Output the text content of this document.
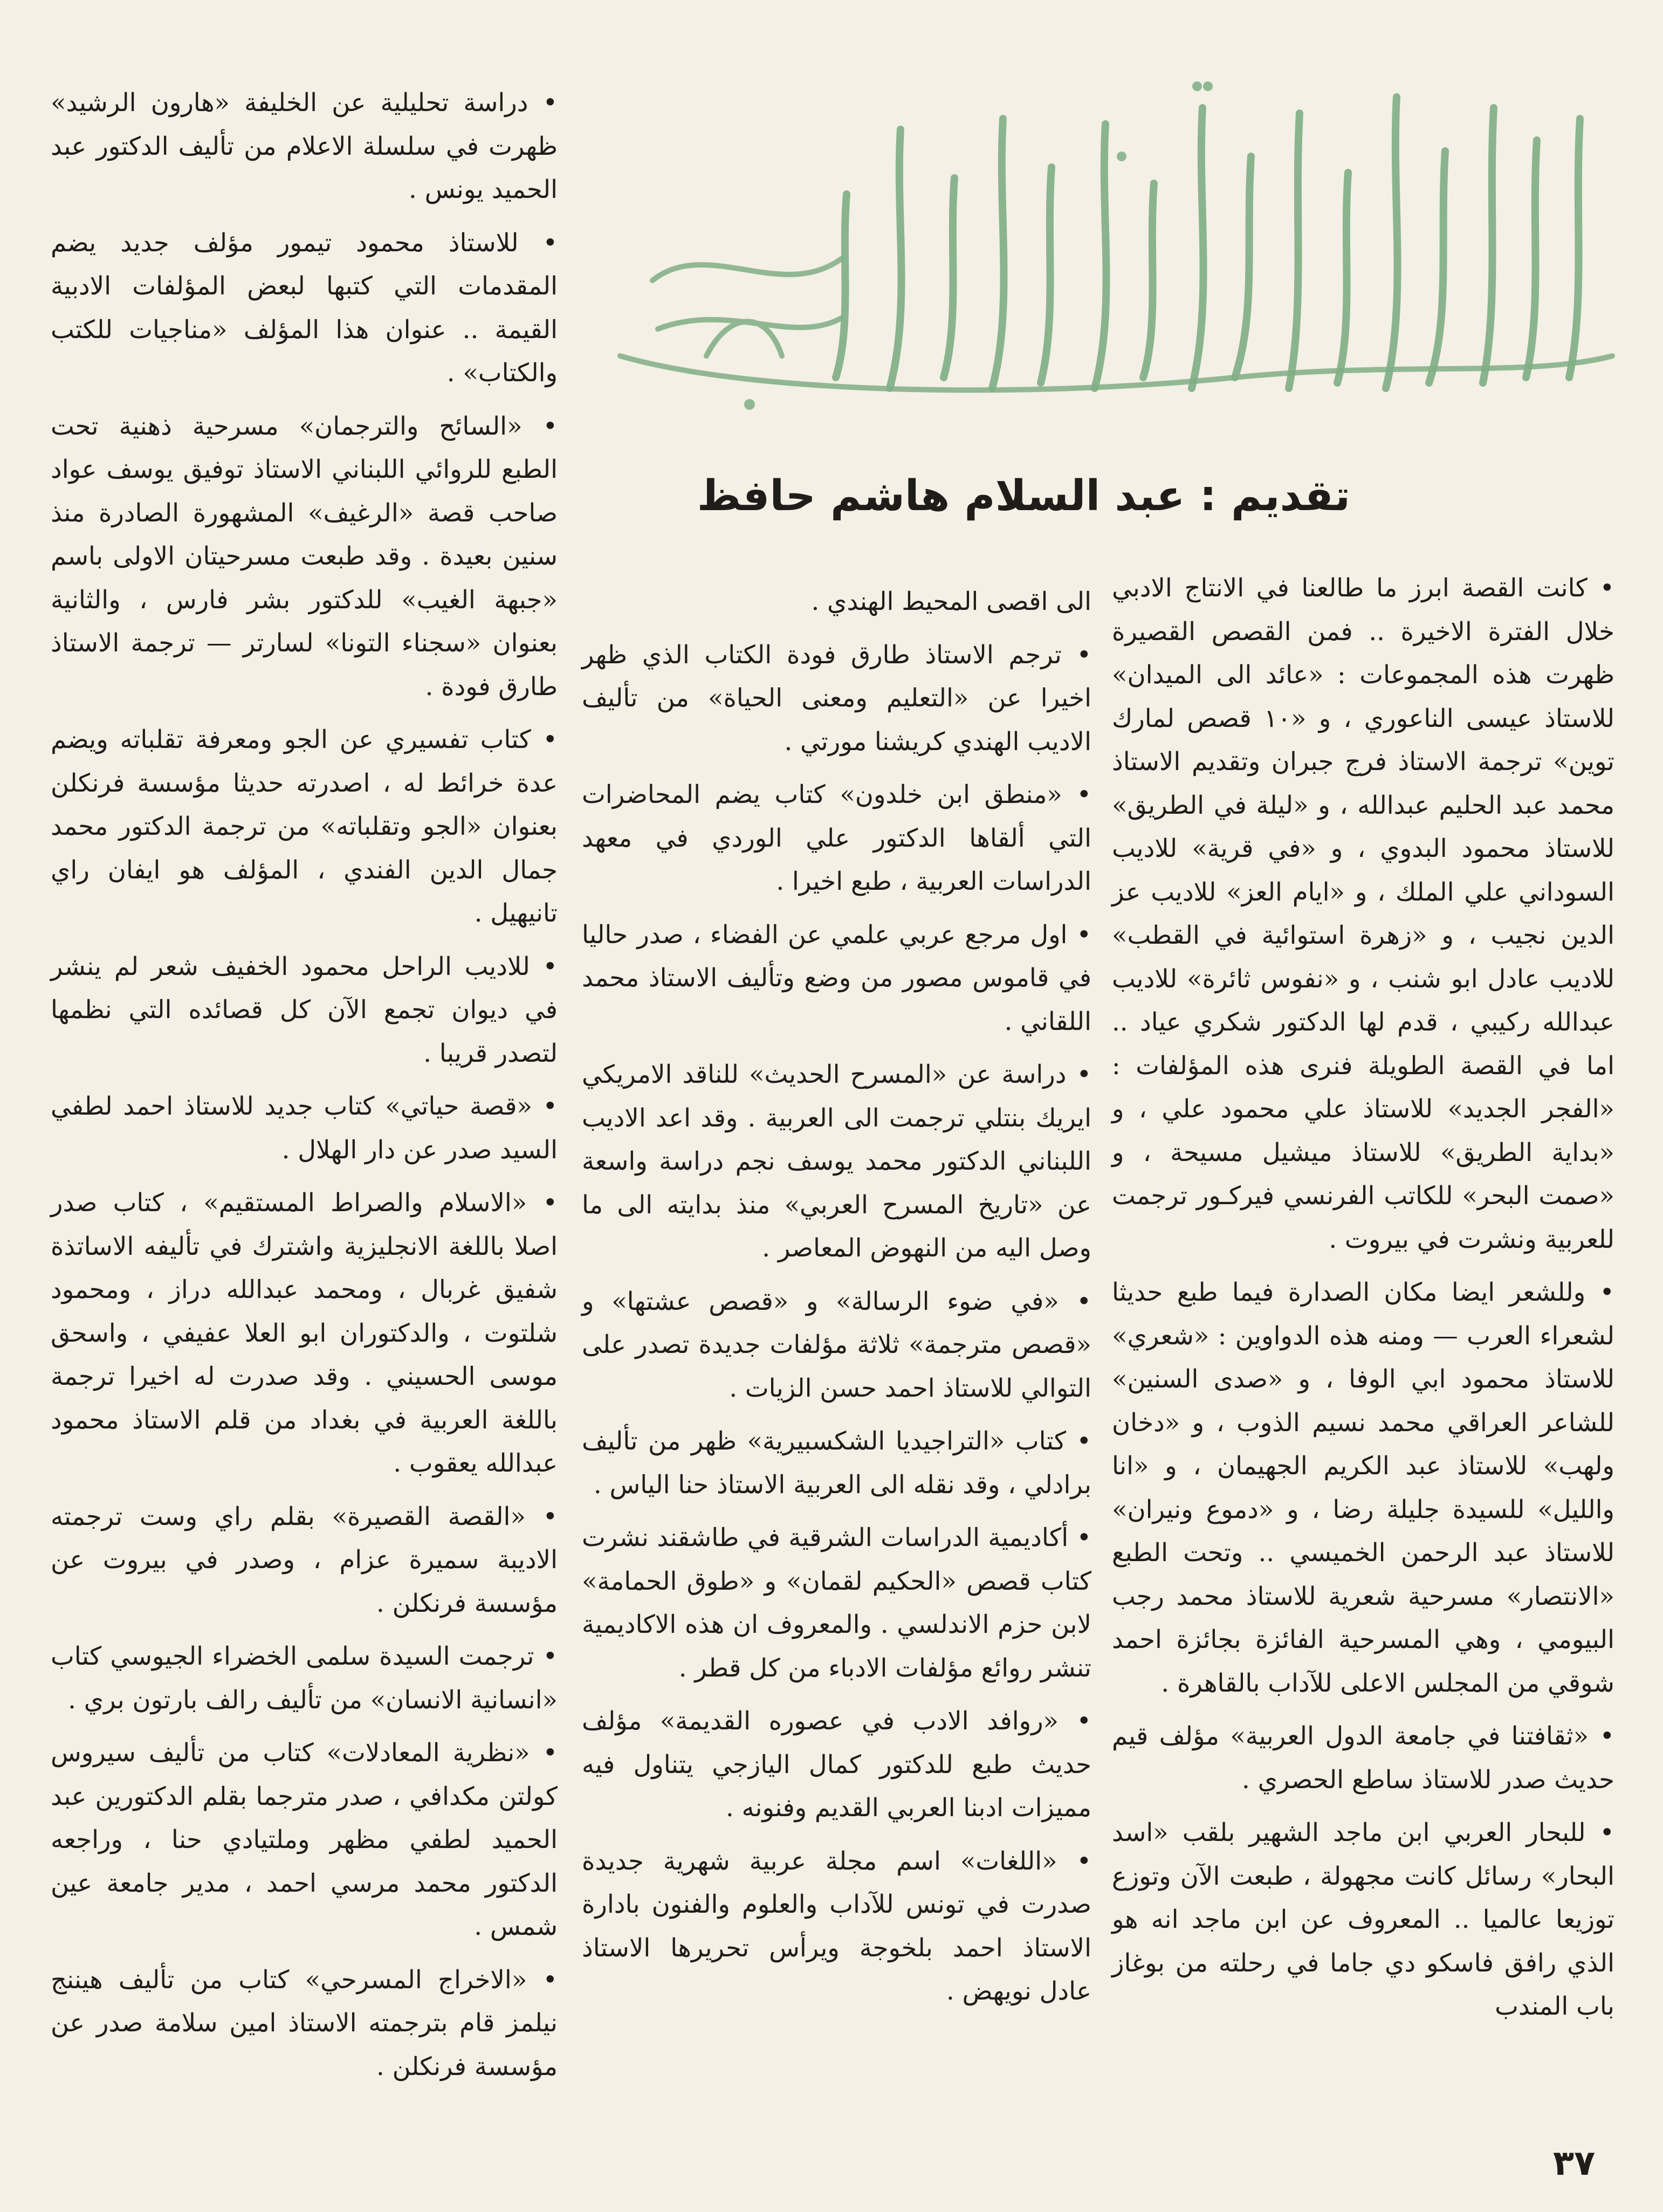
تقديم : عبد السلام هاشم حافظ

• كانت القصة ابرز ما طالعنا في الانتاج الادبي خلال الفترة الاخيرة .. فمن القصص القصيرة ظهرت هذه المجموعات : «عائد الى الميدان» للاستاذ عيسى الناعوري ، و «١٠ قصص لمارك توين» ترجمة الاستاذ فرج جبران وتقديم الاستاذ محمد عبد الحليم عبدالله ، و «ليلة في الطريق» للاستاذ محمود البدوي ، و «في قرية» للاديب السوداني علي الملك ، و «ايام العز» للاديب عز الدين نجيب ، و «زهرة استوائية في القطب» للاديب عادل ابو شنب ، و «نفوس ثائرة» للاديب عبدالله ركيبي ، قدم لها الدكتور شكري عياد .. اما في القصة الطويلة فنرى هذه المؤلفات : «الفجر الجديد» للاستاذ علي محمود علي ، و «بداية الطريق» للاستاذ ميشيل مسيحة ، و «صمت البحر» للكاتب الفرنسي فيركـور ترجمت للعربية ونشرت في بيروت .

• وللشعر ايضا مكان الصدارة فيما طبع حديثا لشعراء العرب — ومنه هذه الدواوين : «شعري» للاستاذ محمود ابي الوفا ، و «صدى السنين» للشاعر العراقي محمد نسيم الذوب ، و «دخان ولهب» للاستاذ عبد الكريم الجهيمان ، و «انا والليل» للسيدة جليلة رضا ، و «دموع ونيران» للاستاذ عبد الرحمن الخميسي .. وتحت الطبع «الانتصار» مسرحية شعرية للاستاذ محمد رجب البيومي ، وهي المسرحية الفائزة بجائزة احمد شوقي من المجلس الاعلى للآداب بالقاهرة .

• «ثقافتنا في جامعة الدول العربية» مؤلف قيم حديث صدر للاستاذ ساطع الحصري .

• للبحار العربي ابن ماجد الشهير بلقب «اسد البحار» رسائل كانت مجهولة ، طبعت الآن وتوزع توزيعا عالميا .. المعروف عن ابن ماجد انه هو الذي رافق فاسكو دي جاما في رحلته من بوغاز باب المندب

الى اقصى المحيط الهندي .

• ترجم الاستاذ طارق فودة الكتاب الذي ظهر اخيرا عن «التعليم ومعنى الحياة» من تأليف الاديب الهندي كريشنا مورتي .

• «منطق ابن خلدون» كتاب يضم المحاضرات التي ألقاها الدكتور علي الوردي في معهد الدراسات العربية ، طبع اخيرا .

• اول مرجع عربي علمي عن الفضاء ، صدر حاليا في قاموس مصور من وضع وتأليف الاستاذ محمد اللقاني .

• دراسة عن «المسرح الحديث» للناقد الامريكي ايريك بنتلي ترجمت الى العربية . وقد اعد الاديب اللبناني الدكتور محمد يوسف نجم دراسة واسعة عن «تاريخ المسرح العربي» منذ بدايته الى ما وصل اليه من النهوض المعاصر .

• «في ضوء الرسالة» و «قصص عشتها» و «قصص مترجمة» ثلاثة مؤلفات جديدة تصدر على التوالي للاستاذ احمد حسن الزيات .

• كتاب «التراجيديا الشكسبيرية» ظهر من تأليف برادلي ، وقد نقله الى العربية الاستاذ حنا الياس .

• أكاديمية الدراسات الشرقية في طاشقند نشرت كتاب قصص «الحكيم لقمان» و «طوق الحمامة» لابن حزم الاندلسي . والمعروف ان هذه الاكاديمية تنشر روائع مؤلفات الادباء من كل قطر .

• «روافد الادب في عصوره القديمة» مؤلف حديث طبع للدكتور كمال اليازجي يتناول فيه مميزات ادبنا العربي القديم وفنونه .

• «اللغات» اسم مجلة عربية شهرية جديدة صدرت في تونس للآداب والعلوم والفنون بادارة الاستاذ احمد بلخوجة ويرأس تحريرها الاستاذ عادل نويهض .

• دراسة تحليلية عن الخليفة «هارون الرشيد» ظهرت في سلسلة الاعلام من تأليف الدكتور عبد الحميد يونس .

• للاستاذ محمود تيمور مؤلف جديد يضم المقدمات التي كتبها لبعض المؤلفات الادبية القيمة .. عنوان هذا المؤلف «مناجيات للكتب والكتاب» .

• «السائح والترجمان» مسرحية ذهنية تحت الطبع للروائي اللبناني الاستاذ توفيق يوسف عواد صاحب قصة «الرغيف» المشهورة الصادرة منذ سنين بعيدة . وقد طبعت مسرحيتان الاولى باسم «جبهة الغيب» للدكتور بشر فارس ، والثانية بعنوان «سجناء التونا» لسارتر — ترجمة الاستاذ طارق فودة .

• كتاب تفسيري عن الجو ومعرفة تقلباته ويضم عدة خرائط له ، اصدرته حديثا مؤسسة فرنكلن بعنوان «الجو وتقلباته» من ترجمة الدكتور محمد جمال الدين الفندي ، المؤلف هو ايفان راي تانيهيل .

• للاديب الراحل محمود الخفيف شعر لم ينشر في ديوان تجمع الآن كل قصائده التي نظمها لتصدر قريبا .

• «قصة حياتي» كتاب جديد للاستاذ احمد لطفي السيد صدر عن دار الهلال .

• «الاسلام والصراط المستقيم» ، كتاب صدر اصلا باللغة الانجليزية واشترك في تأليفه الاساتذة شفيق غربال ، ومحمد عبدالله دراز ، ومحمود شلتوت ، والدكتوران ابو العلا عفيفي ، واسحق موسى الحسيني . وقد صدرت له اخيرا ترجمة باللغة العربية في بغداد من قلم الاستاذ محمود عبدالله يعقوب .

• «القصة القصيرة» بقلم راي وست ترجمته الاديبة سميرة عزام ، وصدر في بيروت عن مؤسسة فرنكلن .

• ترجمت السيدة سلمى الخضراء الجيوسي كتاب «انسانية الانسان» من تأليف رالف بارتون بري .

• «نظرية المعادلات» كتاب من تأليف سيروس كولتن مكدافي ، صدر مترجما بقلم الدكتورين عبد الحميد لطفي مظهر وملتيادي حنا ، وراجعه الدكتور محمد مرسي احمد ، مدير جامعة عين شمس .

• «الاخراج المسرحي» كتاب من تأليف هيننج نيلمز قام بترجمته الاستاذ امين سلامة صدر عن مؤسسة فرنكلن .

٣٧
